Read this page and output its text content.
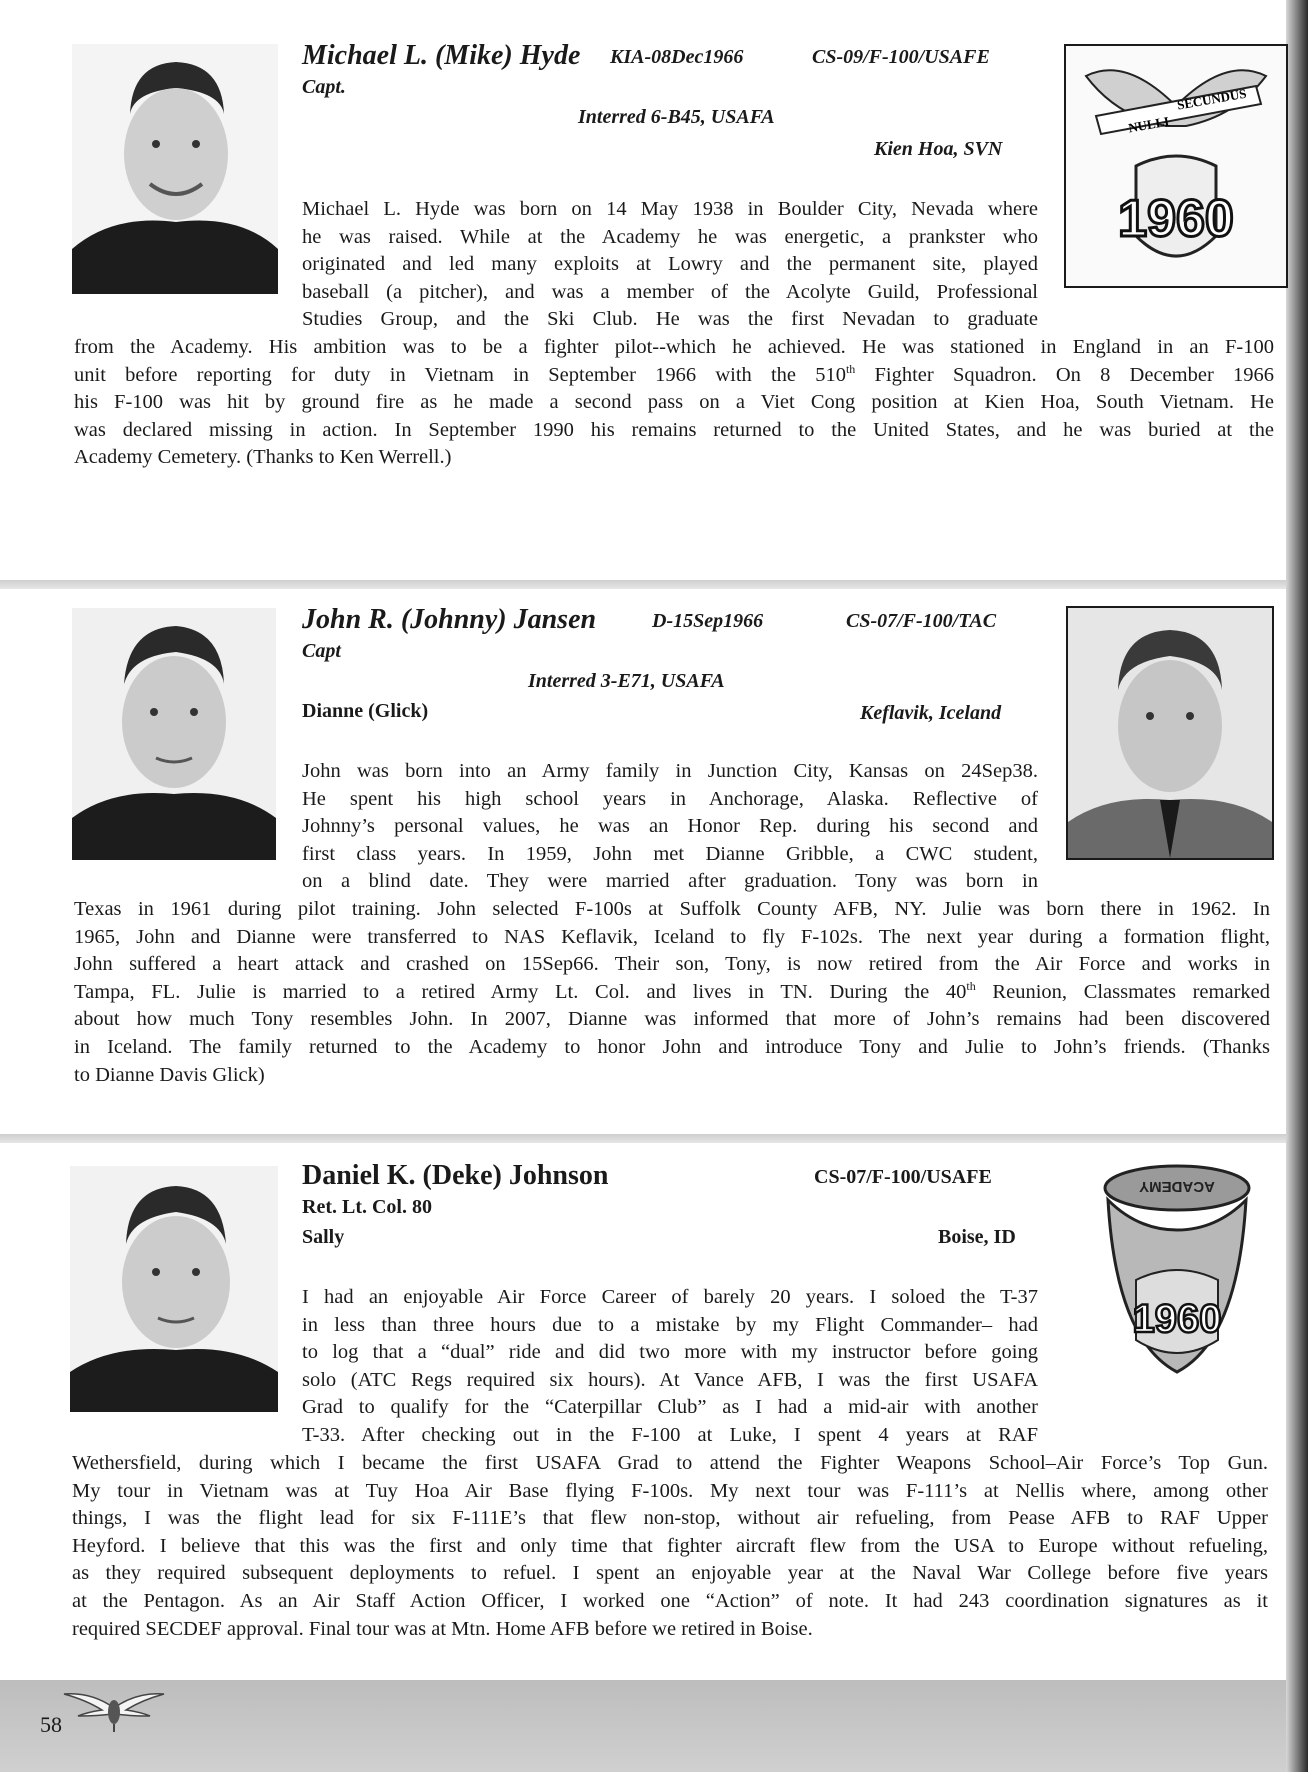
Michael L. (Mike) Hyde KIA-08Dec1966	CS-09/F-100/USAFE
Capt.
Interred 6-B45, USAFA
Kien Hoa, SVN
NULLI
SECUNDUS
1960
Michael L. Hyde was born on 14 May 1938 in Boulder City, Nevada where
he was raised. While at the Academy he was energetic, a prankster who
originated and led many exploits at Lowry and the permanent site, played
baseball (a pitcher), and was a member of the Acolyte Guild, Professional
Studies Group, and the Ski Club. He was the first Nevadan to graduate
from the Academy. His ambition was to be a fighter pilot--which he achieved. He was stationed in England in an F-100
unit before reporting for duty in Vietnam in September 1966 with the 510th Fighter Squadron. On 8 December 1966
his F-100 was hit by ground fire as he made a second pass on a Viet Cong position at Kien Hoa, South Vietnam. He
was declared missing in action. In September 1990 his remains returned to the United States, and he was buried at the
Academy Cemetery. (Thanks to Ken Werrell.)
John R. (Johnny) Jansen	D-15Sep1966	CS-07/F-100/TAC
Capt
Interred 3-E71, USAFA
Dianne (Glick)	Keflavik, Iceland
John was born into an Army family in Junction City, Kansas on 24Sep38.
He spent his high school years in Anchorage, Alaska. Reflective of
Johnny’s personal values, he was an Honor Rep. during his second and
first class years. In 1959, John met Dianne Gribble, a CWC student,
on a blind date. They were married after graduation. Tony was born in
Texas in 1961 during pilot training. John selected F-100s at Suffolk County AFB, NY. Julie was born there in 1962. In
1965, John and Dianne were transferred to NAS Keflavik, Iceland to fly F-102s. The next year during a formation flight,
John suffered a heart attack and crashed on 15Sep66. Their son, Tony, is now retired from the Air Force and works in
Tampa, FL. Julie is married to a retired Army Lt. Col. and lives in TN. During the 40th Reunion, Classmates remarked
about how much Tony resembles John. In 2007, Dianne was informed that more of John’s remains had been discovered
in Iceland. The family returned to the Academy to honor John and introduce Tony and Julie to John’s friends. (Thanks
to Dianne Davis Glick)
Daniel K. (Deke) Johnson	CS-07/F-100/USAFE
Ret. Lt. Col. 80
Sally	Boise, ID
ACADEMY
1960
I had an enjoyable Air Force Career of barely 20 years. I soloed the T-37
in less than three hours due to a mistake by my Flight Commander– had
to log that a “dual” ride and did two more with my instructor before going
solo (ATC Regs required six hours). At Vance AFB, I was the first USAFA
Grad to qualify for the “Caterpillar Club” as I had a mid-air with another
T-33. After checking out in the F-100 at Luke, I spent 4 years at RAF
Wethersfield, during which I became the first USAFA Grad to attend the Fighter Weapons School–Air Force’s Top Gun.
My tour in Vietnam was at Tuy Hoa Air Base flying F-100s. My next tour was F-111’s at Nellis where, among other
things, I was the flight lead for six F-111E’s that flew non-stop, without air refueling, from Pease AFB to RAF Upper
Heyford. I believe that this was the first and only time that fighter aircraft flew from the USA to Europe without refueling,
as they required subsequent deployments to refuel. I spent an enjoyable year at the Naval War College before five years
at the Pentagon. As an Air Staff Action Officer, I worked one “Action” of note. It had 243 coordination signatures as it
required SECDEF approval. Final tour was at Mtn. Home AFB before we retired in Boise.
58
